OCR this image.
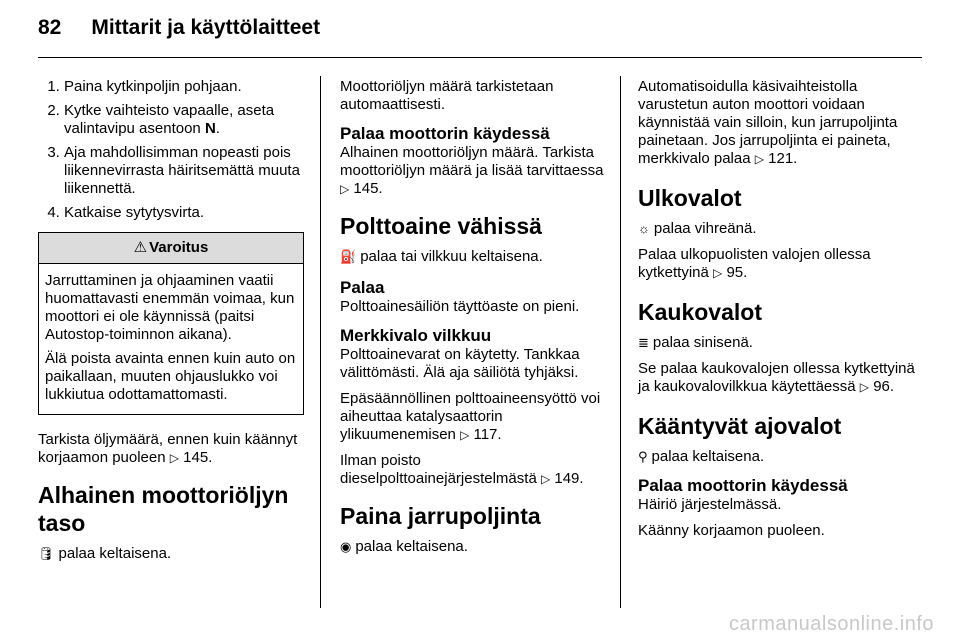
82 Mittarit ja käyttölaitteet
1. Paina kytkinpoljin pohjaan.
2. Kytke vaihteisto vapaalle, aseta valintavipu asentoon N.
3. Aja mahdollisimman nopeasti pois liikennevirrasta häiritsemättä muuta liikennettä.
4. Katkaise sytytysvirta.
⚠ Varoitus

Jarruttaminen ja ohjaaminen vaatii huomattavasti enemmän voimaa, kun moottori ei ole käynnissä (paitsi Autostop-toiminnon aikana).

Älä poista avainta ennen kuin auto on paikallaan, muuten ohjauslukko voi lukkiutua odottamattomasti.

Tarkista öljymäärä, ennen kuin käännyt korjaamon puoleen ▷ 145.

Alhainen moottoriöljyn taso

🛢 palaa keltaisena.

Moottoriöljyn määrä tarkistetaan automaattisesti.

Palaa moottorin käydessä

Alhainen moottoriöljyn määrä. Tarkista moottoriöljyn määrä ja lisää tarvittaessa ▷ 145.

Polttoaine vähissä

⛽ palaa tai vilkkuu keltaisena.

Palaa

Polttoainesäiliön täyttöaste on pieni.

Merkkivalo vilkkuu

Polttoainevarat on käytetty. Tankkaa välittömästi. Älä aja säiliötä tyhjäksi.

Epäsäännöllinen polttoaineensyöttö voi aiheuttaa katalysaattorin ylikuumenemisen ▷ 117.

Ilman poisto dieselpolttoainejärjestelmästä ▷ 149.

Paina jarrupoljinta

◉ palaa keltaisena.

Automatisoidulla käsivaihteistolla varustetun auton moottori voidaan käynnistää vain silloin, kun jarrupoljinta painetaan. Jos jarrupoljinta ei paineta, merkkivalo palaa ▷ 121.

Ulkovalot

☼ palaa vihreänä.

Palaa ulkopuolisten valojen ollessa kytkettyinä ▷ 95.

Kaukovalot

≣ palaa sinisenä.

Se palaa kaukovalojen ollessa kytkettyinä ja kaukovalovilkkua käytettäessä ▷ 96.

Kääntyvät ajovalot

⚲ palaa keltaisena.

Palaa moottorin käydessä

Häiriö järjestelmässä.

Käänny korjaamon puoleen.

carmanualsonline.info
